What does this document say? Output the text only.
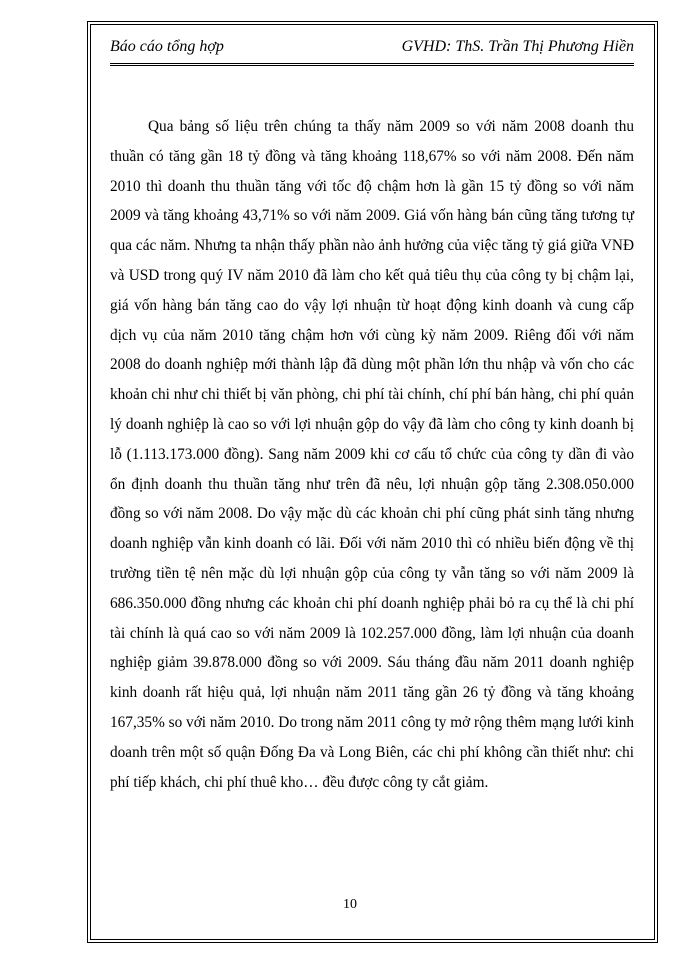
Báo cáo tổng hợp	GVHD: ThS. Trần Thị Phương Hiền

Qua bảng số liệu trên chúng ta thấy năm 2009 so với năm 2008 doanh thu thuần có tăng gần 18 tỷ đồng và tăng khoảng 118,67% so với năm 2008. Đến năm 2010 thì doanh thu thuần tăng với tốc độ chậm hơn là gần 15 tỷ đồng so với năm 2009 và tăng khoảng 43,71% so với năm 2009. Giá vốn hàng bán cũng tăng tương tự qua các năm. Nhưng ta nhận thấy phần nào ảnh hưởng của việc tăng tỷ giá giữa VNĐ và USD trong quý IV năm 2010 đã làm cho kết quả tiêu thụ của công ty bị chậm lại, giá vốn hàng bán tăng cao do vậy lợi nhuận từ hoạt động kinh doanh và cung cấp dịch vụ của năm 2010 tăng chậm hơn với cùng kỳ năm 2009. Riêng đối với năm 2008 do doanh nghiệp mới thành lập đã dùng một phần lớn thu nhập và vốn cho các khoản chi như chi thiết bị văn phòng, chi phí tài chính, chí phí bán hàng, chi phí quản lý doanh nghiệp là cao so với lợi nhuận gộp do vậy đã làm cho công ty kinh doanh bị lỗ (1.113.173.000 đồng). Sang năm 2009 khi cơ cấu tổ chức của công ty dần đi vào ổn định doanh thu thuần tăng như trên đã nêu, lợi nhuận gộp tăng 2.308.050.000 đồng so với năm 2008. Do vậy mặc dù các khoản chi phí cũng phát sinh tăng nhưng doanh nghiệp vẫn kinh doanh có lãi. Đối với năm 2010 thì có nhiều biến động về thị trường tiền tệ nên mặc dù lợi nhuận gộp của công ty vẫn tăng so với năm 2009 là 686.350.000 đồng nhưng các khoản chi phí doanh nghiệp phải bỏ ra cụ thể là chi phí tài chính là quá cao so với năm 2009 là 102.257.000 đồng, làm lợi nhuận của doanh nghiệp giảm 39.878.000 đồng so với 2009. Sáu tháng đầu năm 2011 doanh nghiệp kinh doanh rất hiệu quả, lợi nhuận năm 2011 tăng gần 26 tỷ đồng và tăng khoảng 167,35% so với năm 2010. Do trong năm 2011 công ty mở rộng thêm mạng lưới kinh doanh trên một số quận Đống Đa và Long Biên, các chi phí không cần thiết như: chi phí tiếp khách, chi phí thuê kho… đều được công ty cắt giảm.

10
